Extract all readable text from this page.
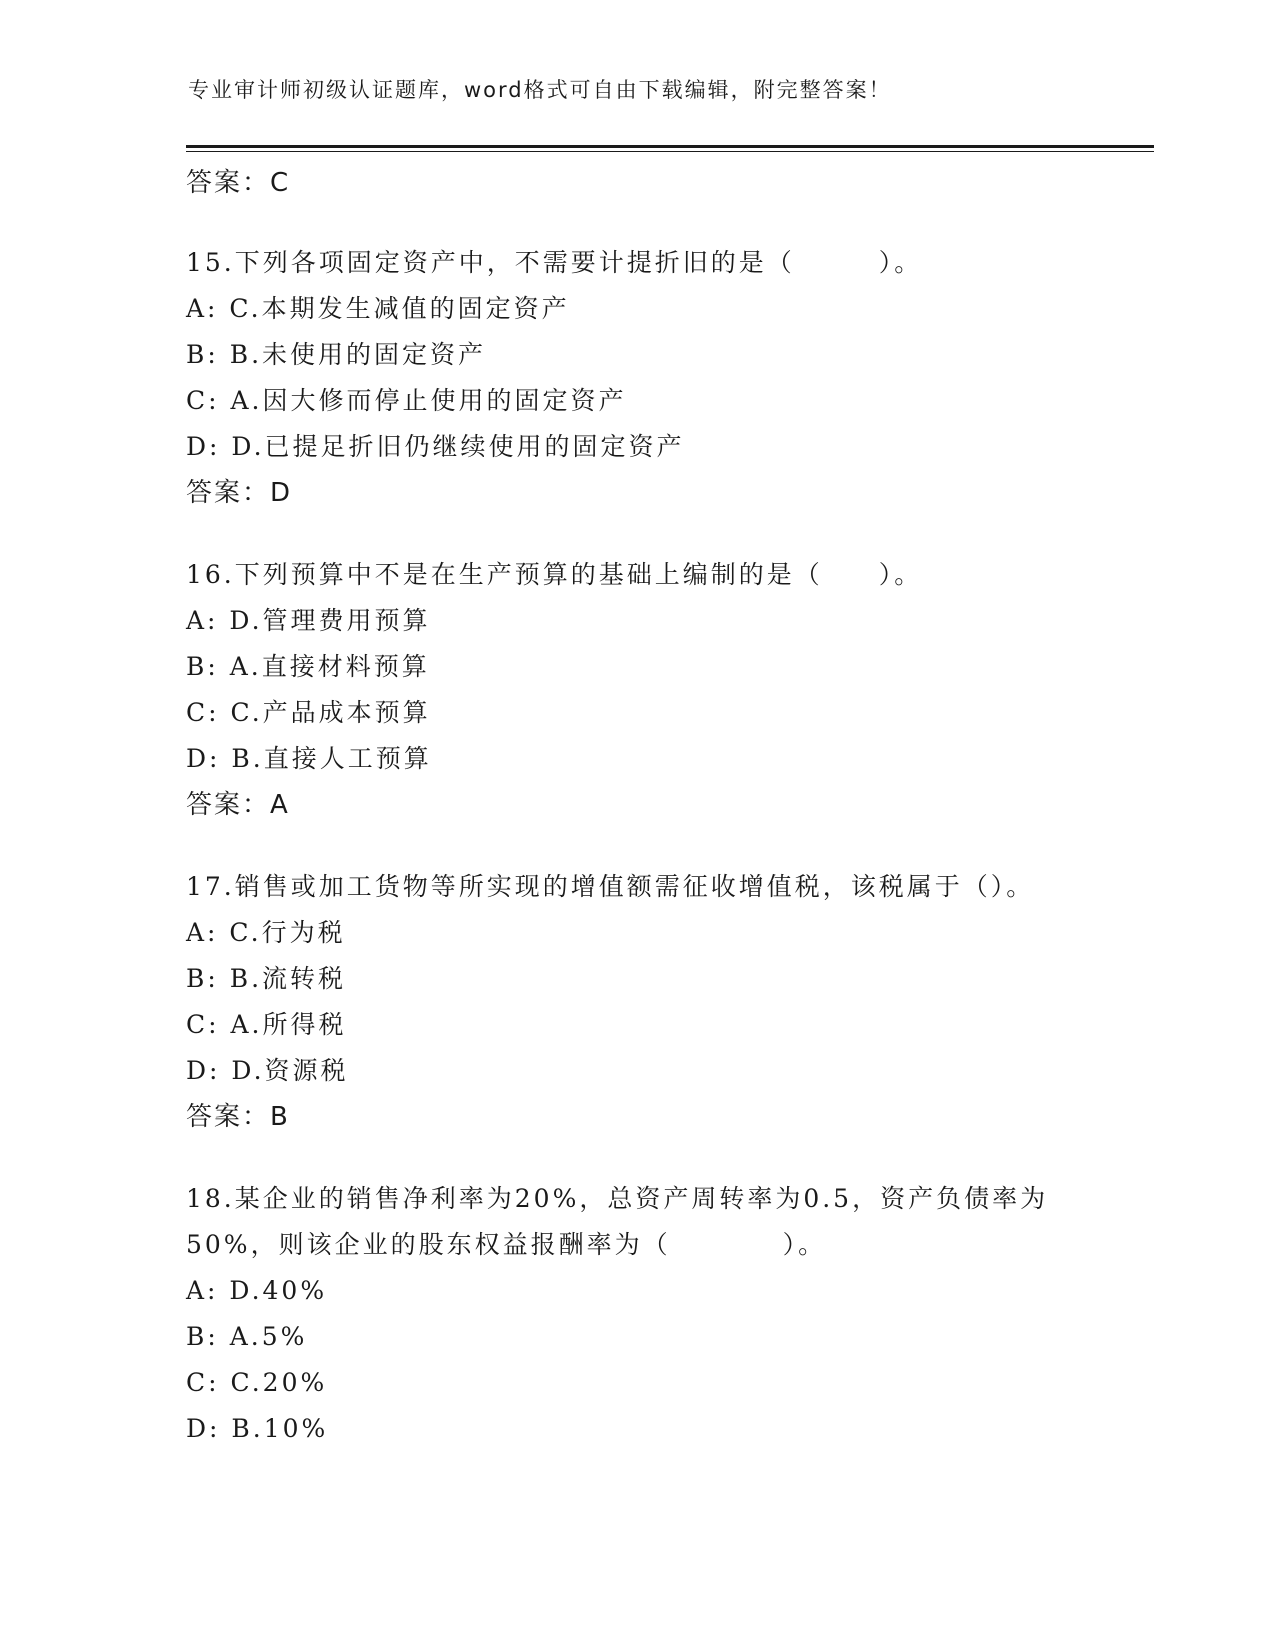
专业审计师初级认证题库，word格式可自由下载编辑，附完整答案！
答案：C
15.下列各项固定资产中，不需要计提折旧的是（　　　）。
A: C.本期发生减值的固定资产
B: B.未使用的固定资产
C: A.因大修而停止使用的固定资产
D: D.已提足折旧仍继续使用的固定资产
答案：D
16.下列预算中不是在生产预算的基础上编制的是（　　）。
A: D.管理费用预算
B: A.直接材料预算
C: C.产品成本预算
D: B.直接人工预算
答案：A
17.销售或加工货物等所实现的增值额需征收增值税，该税属于（）。
A: C.行为税
B: B.流转税
C: A.所得税
D: D.资源税
答案：B
18.某企业的销售净利率为20%，总资产周转率为0.5，资产负债率为
50%，则该企业的股东权益报酬率为（　　　　）。
A: D.40%
B: A.5%
C: C.20%
D: B.10%
